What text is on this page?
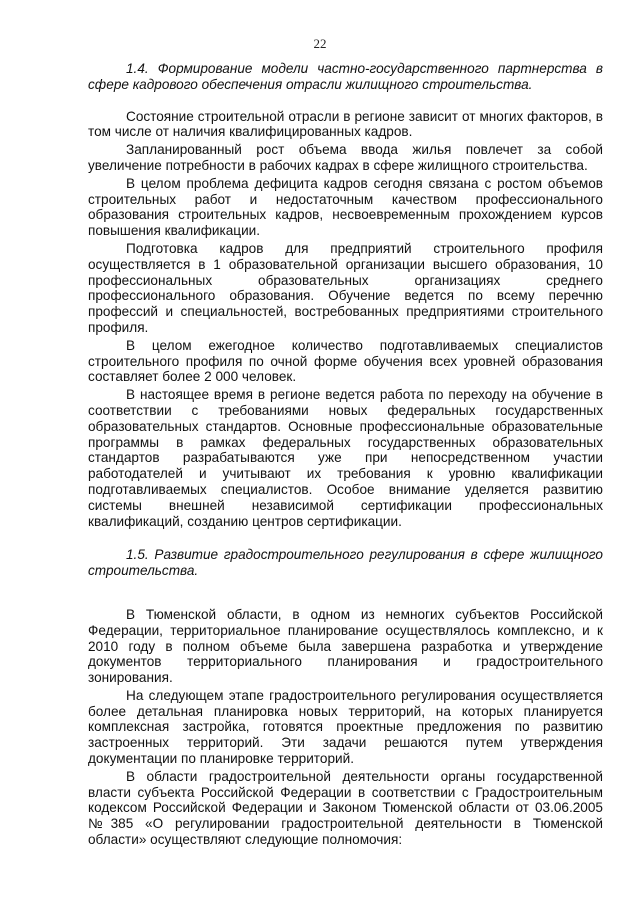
22

1.4. Формирование модели частно-государственного партнерства в сфере кадрового обеспечения отрасли жилищного строительства.

Состояние строительной отрасли в регионе зависит от многих факторов, в том числе от наличия квалифицированных кадров.

Запланированный рост объема ввода жилья повлечет за собой увеличение потребности в рабочих кадрах в сфере жилищного строительства.

В целом проблема дефицита кадров сегодня связана с ростом объемов строительных работ и недостаточным качеством профессионального образования строительных кадров, несвоевременным прохождением курсов повышения квалификации.

Подготовка кадров для предприятий строительного профиля осуществляется в 1 образовательной организации высшего образования, 10 профессиональных образовательных организациях среднего профессионального образования. Обучение ведется по всему перечню профессий и специальностей, востребованных предприятиями строительного профиля.

В целом ежегодное количество подготавливаемых специалистов строительного профиля по очной форме обучения всех уровней образования составляет более 2 000 человек.

В настоящее время в регионе ведется работа по переходу на обучение в соответствии с требованиями новых федеральных государственных образовательных стандартов. Основные профессиональные образовательные программы в рамках федеральных государственных образовательных стандартов разрабатываются уже при непосредственном участии работодателей и учитывают их требования к уровню квалификации подготавливаемых специалистов. Особое внимание уделяется развитию системы внешней независимой сертификации профессиональных квалификаций, созданию центров сертификации.

1.5. Развитие градостроительного регулирования в сфере жилищного строительства.

В Тюменской области, в одном из немногих субъектов Российской Федерации, территориальное планирование осуществлялось комплексно, и к 2010 году в полном объеме была завершена разработка и утверждение документов территориального планирования и градостроительного зонирования.

На следующем этапе градостроительного регулирования осуществляется более детальная планировка новых территорий, на которых планируется комплексная застройка, готовятся проектные предложения по развитию застроенных территорий. Эти задачи решаются путем утверждения документации по планировке территорий.

В области градостроительной деятельности органы государственной власти субъекта Российской Федерации в соответствии с Градостроительным кодексом Российской Федерации и Законом Тюменской области от 03.06.2005 №385 «О регулировании градостроительной деятельности в Тюменской области» осуществляют следующие полномочия:
